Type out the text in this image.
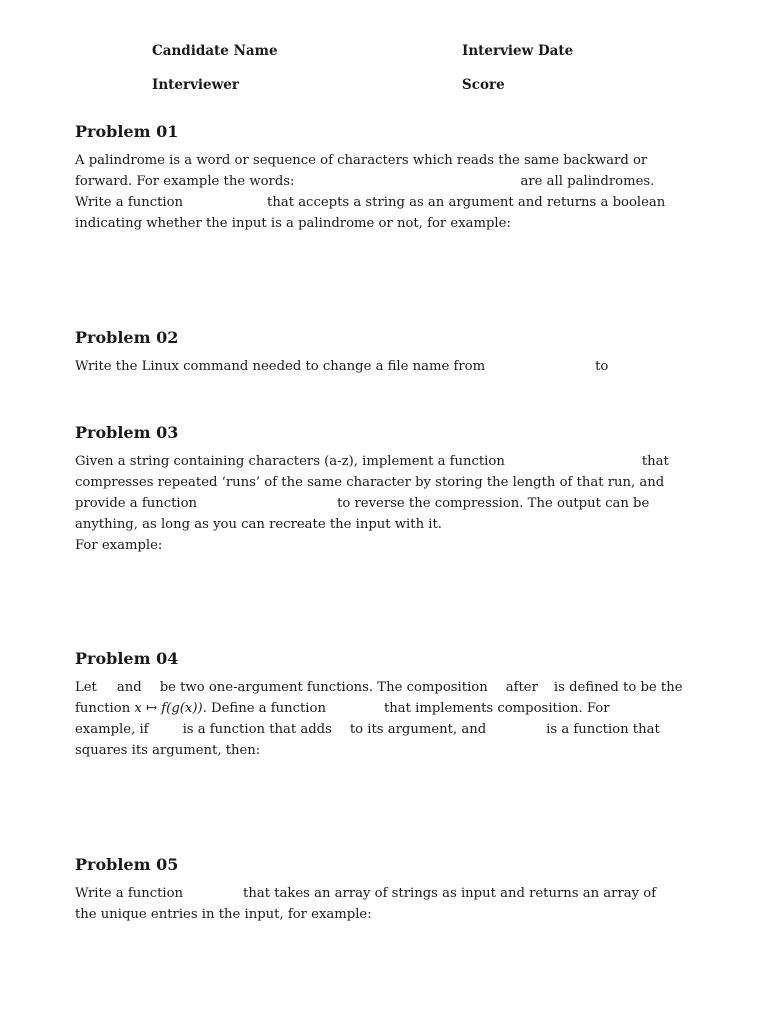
Candidate Name	Interview Date
Interviewer	Score
Problem 01

A palindrome is a word or sequence of characters which reads the same backward or

forward. For example the words:	are all palindromes.

Write a function	that accepts a string as an argument and returns a boolean

indicating whether the input is a palindrome or not, for example:

Problem 02

Write the Linux command needed to change a file name from	to

Problem 03

Given a string containing characters (a-z), implement a function	that

compresses repeated ‘runs’ of the same character by storing the length of that run, and

provide a function	to reverse the compression. The output can be

anything, as long as you can recreate the input with it.

For example:

Problem 04

Let and be two one-argument functions. The composition after is defined to be the

function x ↦ f(g(x)). Define a function	that implements composition. For

example, if	is a function that adds to its argument, and	is a function that

squares its argument, then:

Problem 05

Write a function	that takes an array of strings as input and returns an array of

the unique entries in the input, for example:
